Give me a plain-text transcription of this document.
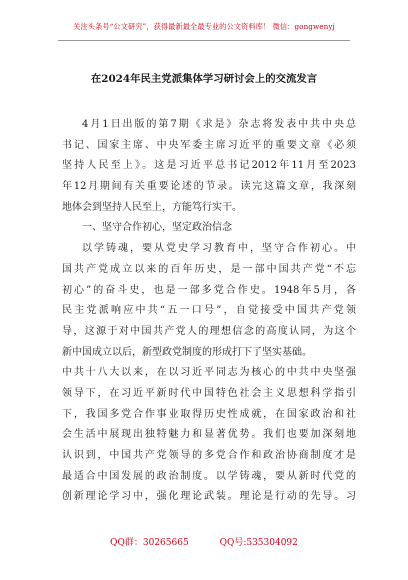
关注头条号“公文研究”，获得最新最全最专业的公文资料库！ 微信：gongwenyj
在2024年民主党派集体学习研讨会上的交流发言
4月1日出版的第7期《求是》杂志将发表中共中央总
书记、国家主席、中央军委主席习近平的重要文章《必须
坚持人民至上》。这是习近平总书记2012年11月至2023
年12月期间有关重要论述的节录。读完这篇文章，我深刻
地体会到坚持人民至上，方能笃行实干。
一、坚守合作初心，坚定政治信念
以学铸魂，要从党史学习教育中，坚守合作初心。中
国共产党成立以来的百年历史，是一部中国共产党“不忘
初心”的奋斗史，也是一部多党合作史。1948年5月，各
民主党派响应中共“五一口号”，自觉接受中国共产党领
导，这源于对中国共产党人的理想信念的高度认同，为这个
新中国成立以后，新型政党制度的形成打下了坚实基础。
中共十八大以来，在以习近平同志为核心的中共中央坚强
领导下，在习近平新时代中国特色社会主义思想科学指引
下，我国多党合作事业取得历史性成就，在国家政治和社
会生活中展现出独特魅力和显著优势。我们也要加深刻地
认识到，中国共产党领导的多党合作和政治协商制度才是
最适合中国发展的政治制度。以学铸魂，要从新时代党的
创新理论学习中，强化理论武装。理论是行动的先导。习
QQ群：30265665	QQ号:535304092
